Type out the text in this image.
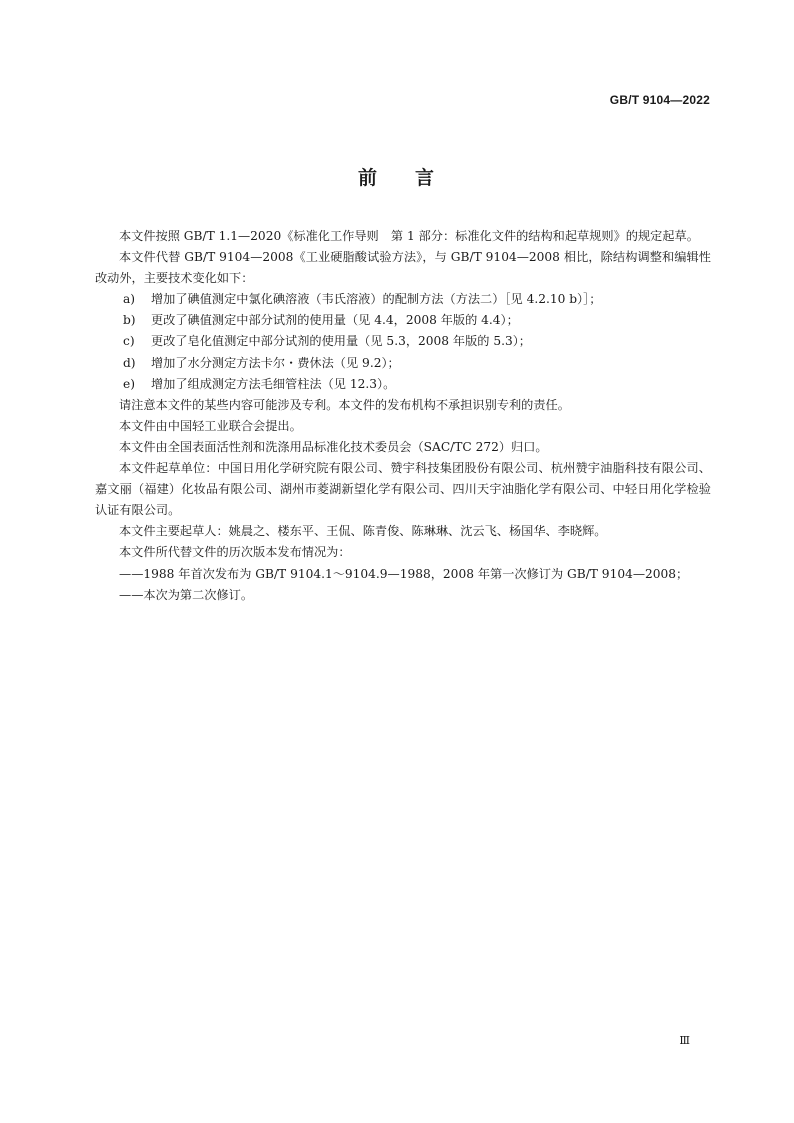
GB/T 9104—2022
前 言

本文件按照 GB/T 1.1—2020《标准化工作导则　第 1 部分：标准化文件的结构和起草规则》的规定起草。

本文件代替 GB/T 9104—2008《工业硬脂酸试验方法》，与 GB/T 9104—2008 相比，除结构调整和编辑性改动外，主要技术变化如下：

a) 增加了碘值测定中氯化碘溶液（韦氏溶液）的配制方法（方法二）［见 4.2.10 b）］；
b) 更改了碘值测定中部分试剂的使用量（见 4.4，2008 年版的 4.4）；
c) 更改了皂化值测定中部分试剂的使用量（见 5.3，2008 年版的 5.3）；
d) 增加了水分测定方法卡尔・费休法（见 9.2）；
e) 增加了组成测定方法毛细管柱法（见 12.3）。

请注意本文件的某些内容可能涉及专利。本文件的发布机构不承担识别专利的责任。

本文件由中国轻工业联合会提出。

本文件由全国表面活性剂和洗涤用品标准化技术委员会（SAC/TC 272）归口。

本文件起草单位：中国日用化学研究院有限公司、赞宇科技集团股份有限公司、杭州赞宇油脂科技有限公司、嘉文丽（福建）化妆品有限公司、湖州市菱湖新望化学有限公司、四川天宇油脂化学有限公司、中轻日用化学检验认证有限公司。

本文件主要起草人：姚晨之、楼东平、王侃、陈青俊、陈琳琳、沈云飞、杨国华、李晓辉。

本文件所代替文件的历次版本发布情况为：

——1988 年首次发布为 GB/T 9104.1～9104.9—1988，2008 年第一次修订为 GB/T 9104—2008；
——本次为第二次修订。
Ⅲ
